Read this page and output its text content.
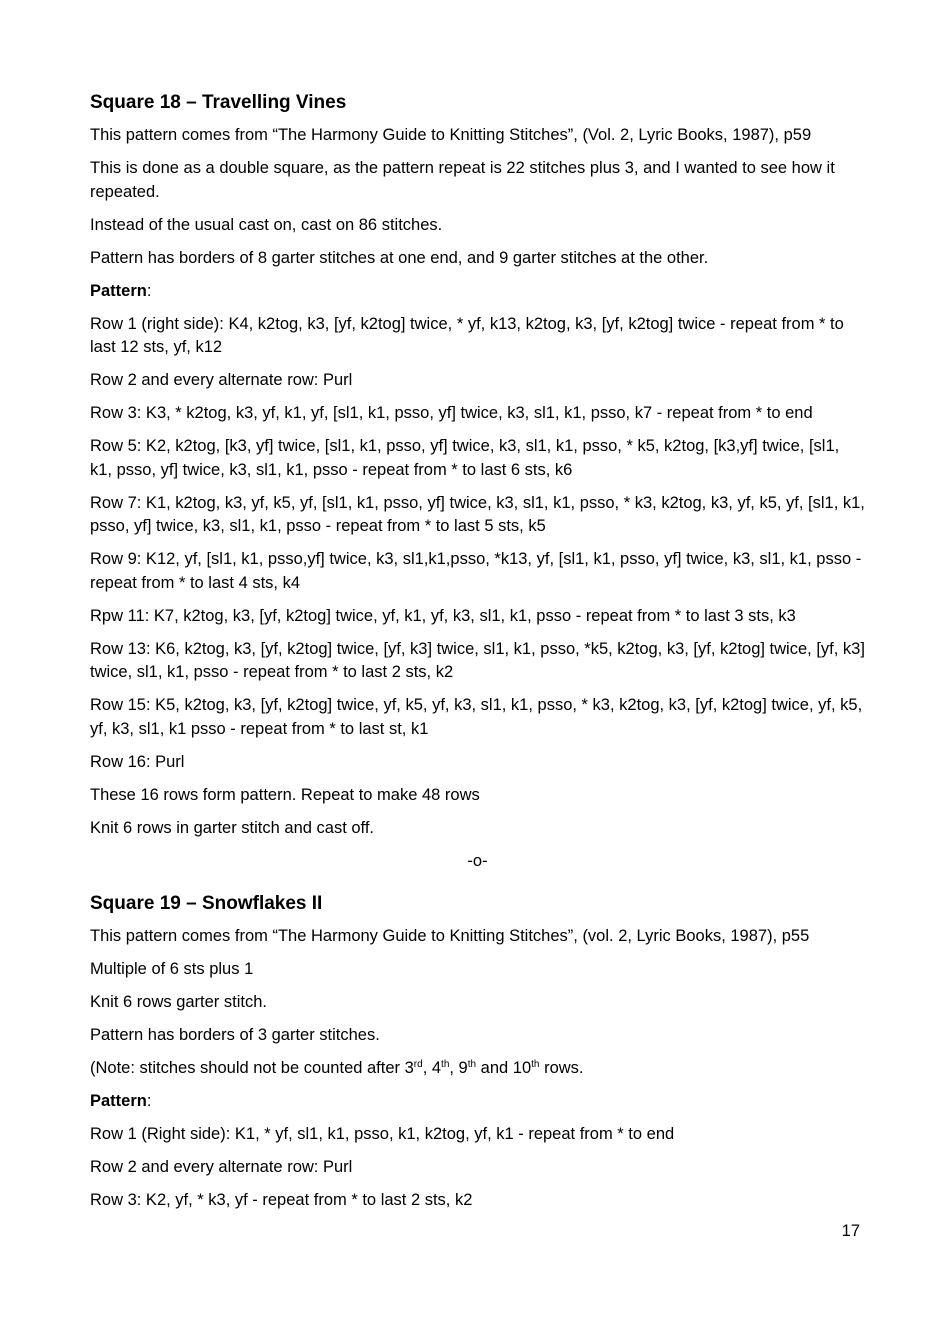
Square 18 – Travelling Vines

This pattern comes from “The Harmony Guide to Knitting Stitches”, (Vol. 2, Lyric Books, 1987), p59

This is done as a double square, as the pattern repeat is 22 stitches plus 3, and I wanted to see how it repeated.

Instead of the usual cast on, cast on 86 stitches.

Pattern has borders of 8 garter stitches at one end, and 9 garter stitches at the other.

Pattern:

Row 1 (right side): K4, k2tog, k3, [yf, k2tog] twice, * yf, k13, k2tog, k3, [yf, k2tog] twice - repeat from * to last 12 sts, yf, k12

Row 2 and every alternate row: Purl

Row 3: K3, * k2tog, k3, yf, k1, yf, [sl1, k1, psso, yf] twice, k3, sl1, k1, psso, k7 - repeat from * to end

Row 5: K2, k2tog, [k3, yf] twice, [sl1, k1, psso, yf] twice, k3, sl1, k1, psso, * k5, k2tog, [k3,yf] twice, [sl1, k1, psso, yf] twice, k3, sl1, k1, psso - repeat from * to last 6 sts, k6

Row 7: K1, k2tog, k3, yf, k5, yf, [sl1, k1, psso, yf] twice, k3, sl1, k1, psso, * k3, k2tog, k3, yf, k5, yf, [sl1, k1, psso, yf] twice, k3, sl1, k1, psso - repeat from * to last 5 sts, k5

Row 9: K12, yf, [sl1, k1, psso,yf] twice, k3, sl1,k1,psso, *k13, yf, [sl1, k1, psso, yf] twice, k3, sl1, k1, psso - repeat from * to last 4 sts, k4

Rpw 11: K7, k2tog, k3, [yf, k2tog] twice, yf, k1, yf, k3, sl1, k1, psso - repeat from * to last 3 sts, k3

Row 13: K6, k2tog, k3, [yf, k2tog] twice, [yf, k3] twice, sl1, k1, psso, *k5, k2tog, k3, [yf, k2tog] twice, [yf, k3] twice, sl1, k1, psso - repeat from * to last 2 sts, k2

Row 15: K5, k2tog, k3, [yf, k2tog] twice, yf, k5, yf, k3, sl1, k1, psso, * k3, k2tog, k3, [yf, k2tog] twice, yf, k5, yf, k3, sl1, k1 psso - repeat from * to last st, k1

Row 16: Purl

These 16 rows form pattern. Repeat to make 48 rows

Knit 6 rows in garter stitch and cast off.

-o-

Square 19 – Snowflakes II

This pattern comes from “The Harmony Guide to Knitting Stitches”, (vol. 2, Lyric Books, 1987), p55

Multiple of 6 sts plus 1

Knit 6 rows garter stitch.

Pattern has borders of 3 garter stitches.

(Note: stitches should not be counted after 3rd, 4th, 9th and 10th rows.

Pattern:

Row 1 (Right side): K1, * yf, sl1, k1, psso, k1, k2tog, yf, k1 - repeat from * to end

Row 2 and every alternate row: Purl

Row 3: K2, yf, * k3, yf - repeat from * to last 2 sts, k2

17
